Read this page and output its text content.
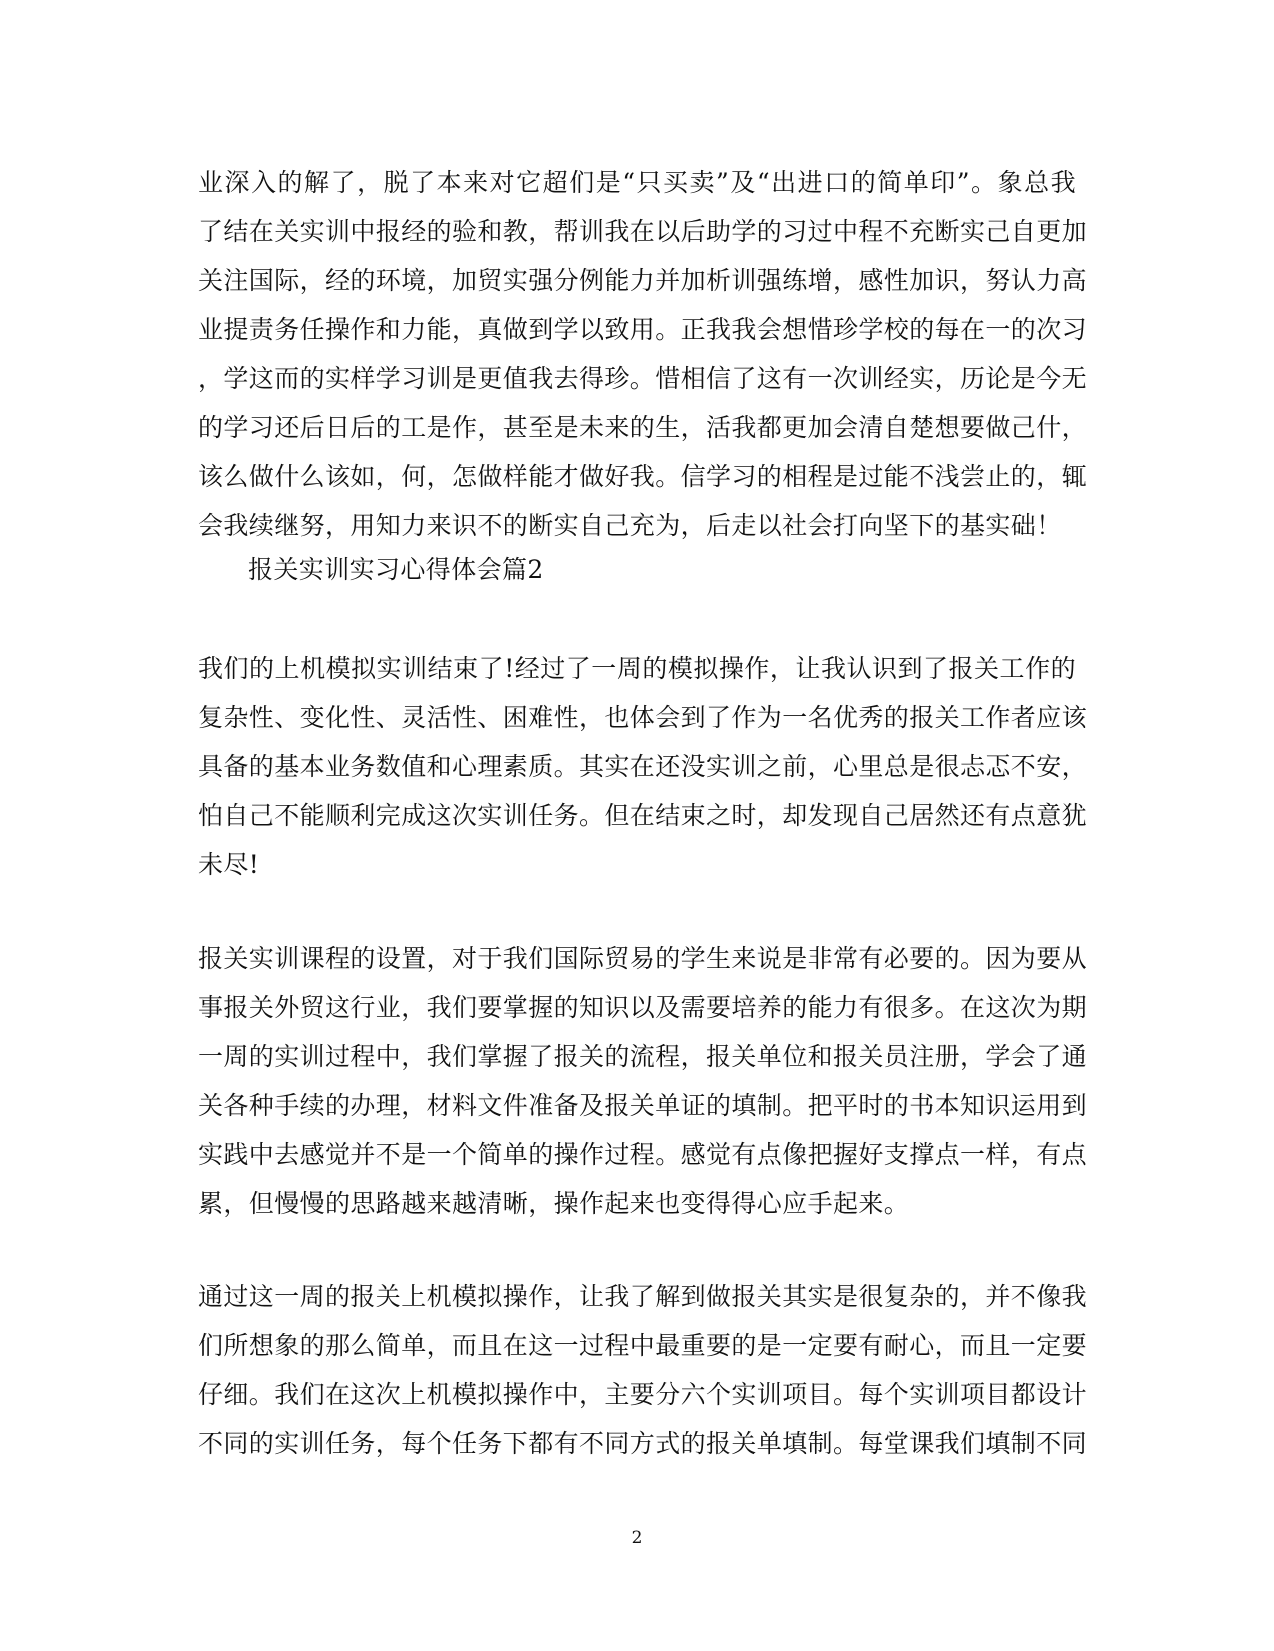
业深入的解了，脱了本来对它超们是“只买卖”及“出进口的简单印”。象总我
了结在关实训中报经的验和教，帮训我在以后助学的习过中程不充断实己自更加
关注国际，经的环境，加贸实强分例能力并加析训强练增，感性加识，努认力高
业提责务任操作和力能，真做到学以致用。正我我会想惜珍学校的每在一的次习
，学这而的实样学习训是更值我去得珍。惜相信了这有一次训经实，历论是今无
的学习还后日后的工是作，甚至是未来的生，活我都更加会清自楚想要做己什，
该么做什么该如，何，怎做样能才做好我。信学习的相程是过能不浅尝止的，辄
会我续继努，用知力来识不的断实自己充为，后走以社会打向坚下的基实础！
报关实训实习心得体会篇2
我们的上机模拟实训结束了!经过了一周的模拟操作，让我认识到了报关工作的
复杂性、变化性、灵活性、困难性，也体会到了作为一名优秀的报关工作者应该
具备的基本业务数值和心理素质。其实在还没实训之前，心里总是很忐忑不安，
怕自己不能顺利完成这次实训任务。但在结束之时，却发现自己居然还有点意犹
未尽!
报关实训课程的设置，对于我们国际贸易的学生来说是非常有必要的。因为要从
事报关外贸这行业，我们要掌握的知识以及需要培养的能力有很多。在这次为期
一周的实训过程中，我们掌握了报关的流程，报关单位和报关员注册，学会了通
关各种手续的办理，材料文件准备及报关单证的填制。把平时的书本知识运用到
实践中去感觉并不是一个简单的操作过程。感觉有点像把握好支撑点一样，有点
累，但慢慢的思路越来越清晰，操作起来也变得得心应手起来。
通过这一周的报关上机模拟操作，让我了解到做报关其实是很复杂的，并不像我
们所想象的那么简单，而且在这一过程中最重要的是一定要有耐心，而且一定要
仔细。我们在这次上机模拟操作中，主要分六个实训项目。每个实训项目都设计
不同的实训任务，每个任务下都有不同方式的报关单填制。每堂课我们填制不同
2
